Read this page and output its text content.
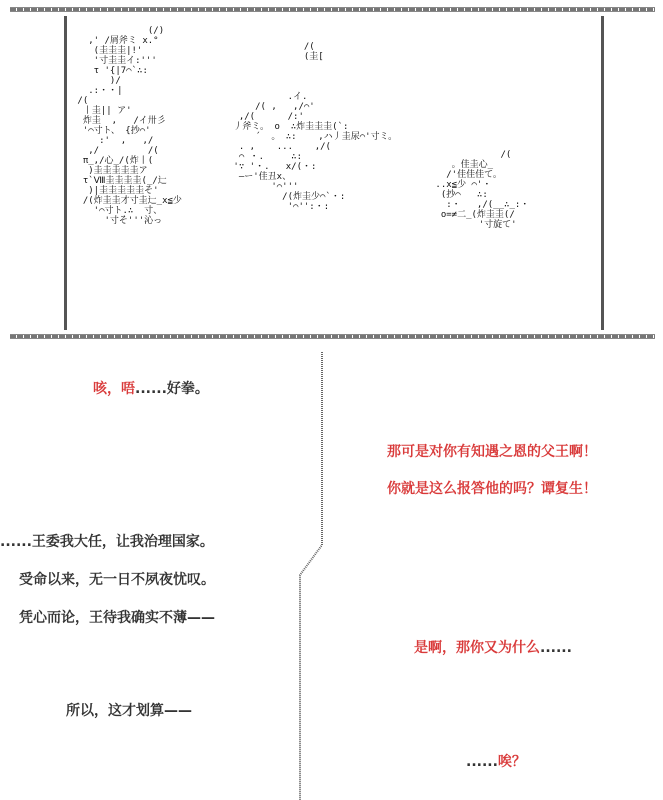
(/)
,' /屑斧ミ x.°
(圭圭圭|!'
'寸圭圭イ:'''
τ '{|7⌒`∴:
)/
.:・・|
/(
丨圭|| ア'
炸圭  ,   /イ卅彡
'⌒寸ト、 {抄⌒'
:'  ,   ,/
,/         /(
π_,/心_/(炸丨(
)圭圭圭圭圭ア
τ`Ⅷ圭圭圭圭(_/辷
)|圭圭圭圭圭そ'
/(炸圭圭才寸圭辷_x≦少
'⌒寸ト.∴  寸、
'寸そ'''沁っ
/(
(圭[

.イ.
/( ,   ,/⌒'
,/(      /:'
丿斧ミ。 o  ∴炸圭圭圭(`:
´  。 ∴:    ,ハ丿圭尿⌒'寸ミ。
. ,    ...    ,/(
⌒ ・.     ∴:
'∵ '・.   x/(・:
―ー'佳丑x、
'⌒'''
/(炸圭少⌒`・:
'⌒'':・:
/(
。佳圭心_
/'佳佳佳て。
..x≦少 ⌒'・
(抄⌒   ∴:
:・   ,/(__∴_:・
o=≠二_(炸圭圭(/
'寸旋て'
咳，唔......好拳。
那可是对你有知遇之恩的父王啊！
你就是这么报答他的吗？谭复生！
......王委我大任，让我治理国家。
受命以来，无一日不夙夜忧叹。
凭心而论，王待我确实不薄——
是啊，那你又为什么......
所以，这才划算——
......唉？
